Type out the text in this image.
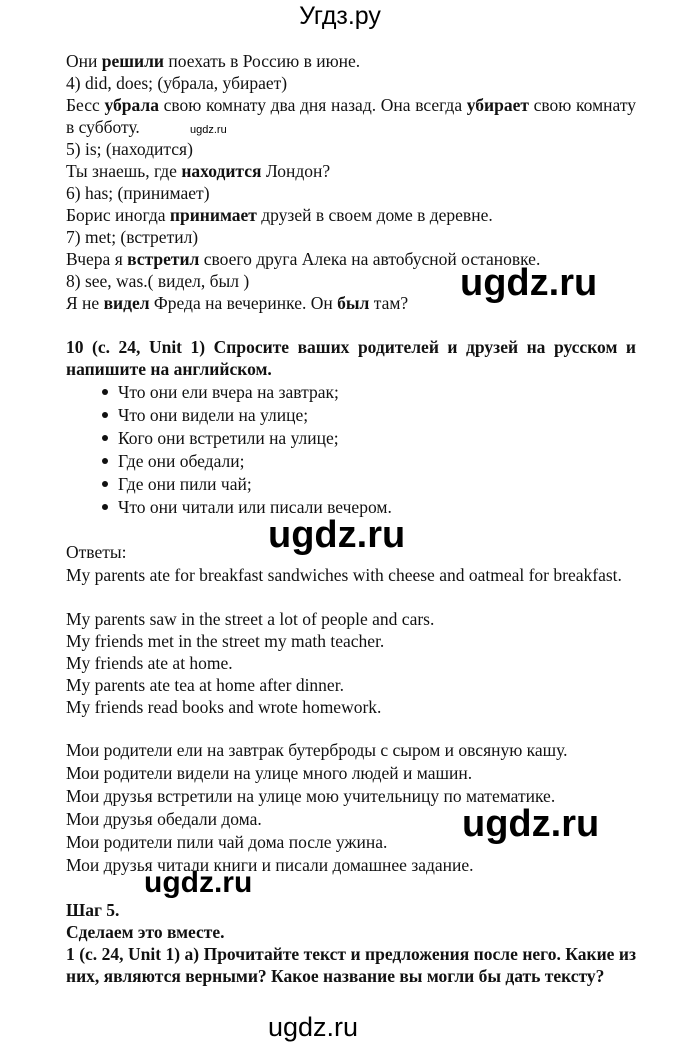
Угдз.ру
Они решили поехать в Россию в июне.
4) did, does; (убрала, убирает)
Бесс убрала свою комнату два дня назад. Она всегда убирает свою комнату в субботу.
5) is; (находится)
Ты знаешь, где находится Лондон?
6) has; (принимает)
Борис иногда принимает друзей в своем доме в деревне.
7) met; (встретил)
Вчера я встретил своего друга Алека на автобусной остановке.
8) see, was.( видел, был )
Я не видел Фреда на вечеринке. Он был там?
10 (с. 24, Unit 1) Спросите ваших родителей и друзей на русском и напишите на английском.
Что они ели вчера на завтрак;
Что они видели на улице;
Кого они встретили на улице;
Где они обедали;
Где они пили чай;
Что они читали или писали вечером.
Ответы:
My parents ate for breakfast sandwiches with cheese and oatmeal for breakfast.
My parents saw in the street a lot of people and cars.
My friends met in the street my math teacher.
My friends ate at home.
My parents ate tea at home after dinner.
My friends read books and wrote homework.
Мои родители ели на завтрак бутерброды с сыром и овсяную кашу.
Мои родители видели на улице много людей и машин.
Мои друзья встретили на улице мою учительницу по математике.
Мои друзья обедали дома.
Мои родители пили чай дома после ужина.
Мои друзья читали книги и писали домашнее задание.
Шаг 5.
Сделаем это вместе.
1 (с. 24, Unit 1) а) Прочитайте текст и предложения после него. Какие из них, являются верными? Какое название вы могли бы дать тексту?
ugdz.ru
ugdz.ru
ugdz.ru
ugdz.ru
ugdz.ru
ugdz.ru
